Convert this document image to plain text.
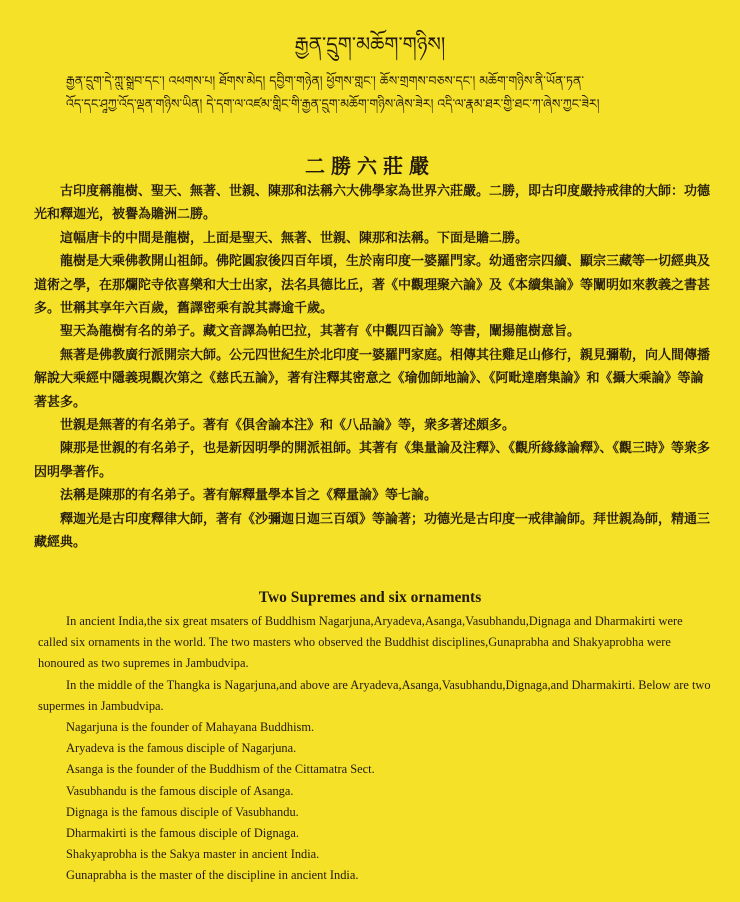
རྒྱན་དྲུག་མཆོག་གཉིས།
རྒྱན་དྲུག་དེ་ཀླུ་སྒྲུབ་དང་། འཕགས་པ། ཐོགས་མེད། དབྱིག་གཉེན། ཕྱོགས་གླང་། ཆོས་གྲགས་བཅས་དང་། མཆོག་གཉིས་ནི་ཡོན་ཏན་
འོད་དང་ཤཱཀྱ་འོད་ལྡན་གཉིས་ཡིན། དེ་དག་ལ་འཛམ་གླིང་གི་རྒྱན་དྲུག་མཆོག་གཉིས་ཞེས་ཟེར། འདི་ལ་རྣམ་ཐར་གྱི་ཐང་ཀ་ཞེས་ཀྱང་ཟེར།
二勝六莊嚴

古印度稱龍樹、聖天、無著、世親、陳那和法稱六大佛學家為世界六莊嚴。二勝，即古印度嚴持戒律的大師：功德光和釋迦光，被譽為贍洲二勝。

這幅唐卡的中間是龍樹，上面是聖天、無著、世親、陳那和法稱。下面是贍二勝。

龍樹是大乘佛教開山祖師。佛陀圓寂後四百年頃，生於南印度一婆羅門家。幼通密宗四續、顯宗三藏等一切經典及道術之學，在那爛陀寺依喜樂和大士出家，法名具德比丘，著《中觀理聚六論》及《本續集論》等闡明如來教義之書甚多。世稱其享年六百歲，舊譯密乘有說其壽逾千歲。

聖天為龍樹有名的弟子。藏文音譯為帕巴拉，其著有《中觀四百論》等書，闡揚龍樹意旨。

無著是佛教廣行派開宗大師。公元四世紀生於北印度一婆羅門家庭。相傳其往雞足山修行，親見彌勒，向人間傳播解說大乘經中隱義現觀次第之《慈氏五論》，著有注釋其密意之《瑜伽師地論》、《阿毗達磨集論》和《攝大乘論》等論著甚多。

世親是無著的有名弟子。著有《俱舍論本注》和《八品論》等，衆多著述頗多。

陳那是世親的有名弟子，也是新因明學的開派祖師。其著有《集量論及注釋》、《觀所緣緣論釋》、《觀三時》等衆多因明學著作。

法稱是陳那的有名弟子。著有解釋量學本旨之《釋量論》等七論。

釋迦光是古印度釋律大師，著有《沙彌迦日迦三百頌》等論著；功德光是古印度一戒律論師。拜世親為師，精通三藏經典。

Two Supremes and six ornaments

In ancient India,the six great msaters of Buddhism Nagarjuna,Aryadeva,Asanga,Vasubhandu,Dignaga and Dharmakirti were called six ornaments in the world. The two masters who observed the Buddhist disciplines,Gunaprabha and Shakyaprobha were honoured as two supremes in Jambudvipa.

In the middle of the Thangka is Nagarjuna,and above are Aryadeva,Asanga,Vasubhandu,Dignaga,and Dharmakirti. Below are two supermes in Jambudvipa.

Nagarjuna is the founder of Mahayana Buddhism.

Aryadeva is the famous disciple of Nagarjuna.

Asanga is the founder of the Buddhism of the Cittamatra Sect.

Vasubhandu is the famous disciple of Asanga.

Dignaga is the famous disciple of Vasubhandu.

Dharmakirti is the famous disciple of Dignaga.

Shakyaprobha is the Sakya master in ancient India.

Gunaprabha is the master of the discipline in ancient India.
